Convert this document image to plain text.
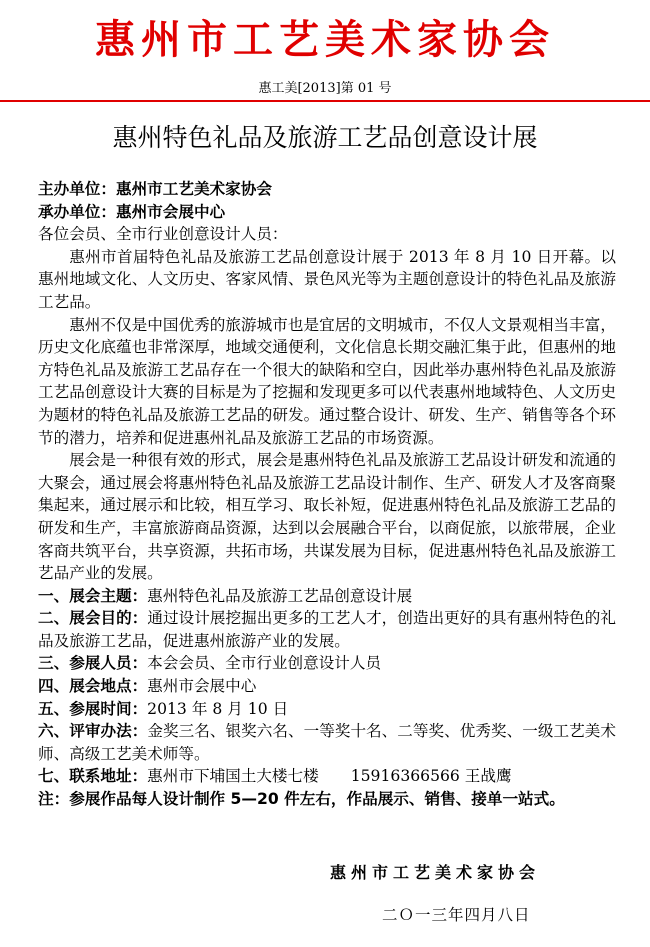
惠州市工艺美术家协会
惠工美[2013]第 01 号
惠州特色礼品及旅游工艺品创意设计展
主办单位：惠州市工艺美术家协会
承办单位：惠州市会展中心
各位会员、全市行业创意设计人员：
惠州市首届特色礼品及旅游工艺品创意设计展于 2013 年 8 月 10 日开幕。以惠州地域文化、人文历史、客家风情、景色风光等为主题创意设计的特色礼品及旅游工艺品。
惠州不仅是中国优秀的旅游城市也是宜居的文明城市，不仅人文景观相当丰富，历史文化底蕴也非常深厚，地域交通便利，文化信息长期交融汇集于此，但惠州的地方特色礼品及旅游工艺品存在一个很大的缺陷和空白，因此举办惠州特色礼品及旅游工艺品创意设计大赛的目标是为了挖掘和发现更多可以代表惠州地域特色、人文历史为题材的特色礼品及旅游工艺品的研发。通过整合设计、研发、生产、销售等各个环节的潜力，培养和促进惠州礼品及旅游工艺品的市场资源。
展会是一种很有效的形式，展会是惠州特色礼品及旅游工艺品设计研发和流通的大聚会，通过展会将惠州特色礼品及旅游工艺品设计制作、生产、研发人才及客商聚集起来，通过展示和比较，相互学习、取长补短，促进惠州特色礼品及旅游工艺品的研发和生产，丰富旅游商品资源，达到以会展融合平台，以商促旅，以旅带展，企业客商共筑平台，共享资源，共拓市场，共谋发展为目标，促进惠州特色礼品及旅游工艺品产业的发展。
一、展会主题：惠州特色礼品及旅游工艺品创意设计展
二、展会目的：通过设计展挖掘出更多的工艺人才，创造出更好的具有惠州特色的礼品及旅游工艺品，促进惠州旅游产业的发展。
三、参展人员：本会会员、全市行业创意设计人员
四、展会地点：惠州市会展中心
五、参展时间：2013 年 8 月 10 日
六、评审办法：金奖三名、银奖六名、一等奖十名、二等奖、优秀奖、一级工艺美术师、高级工艺美术师等。
七、联系地址：惠州市下埔国土大楼七楼 15916366566 王战鹰
注：参展作品每人设计制作 5—20 件左右，作品展示、销售、接单一站式。
惠州市工艺美术家协会
二Ｏ一三年四月八日
